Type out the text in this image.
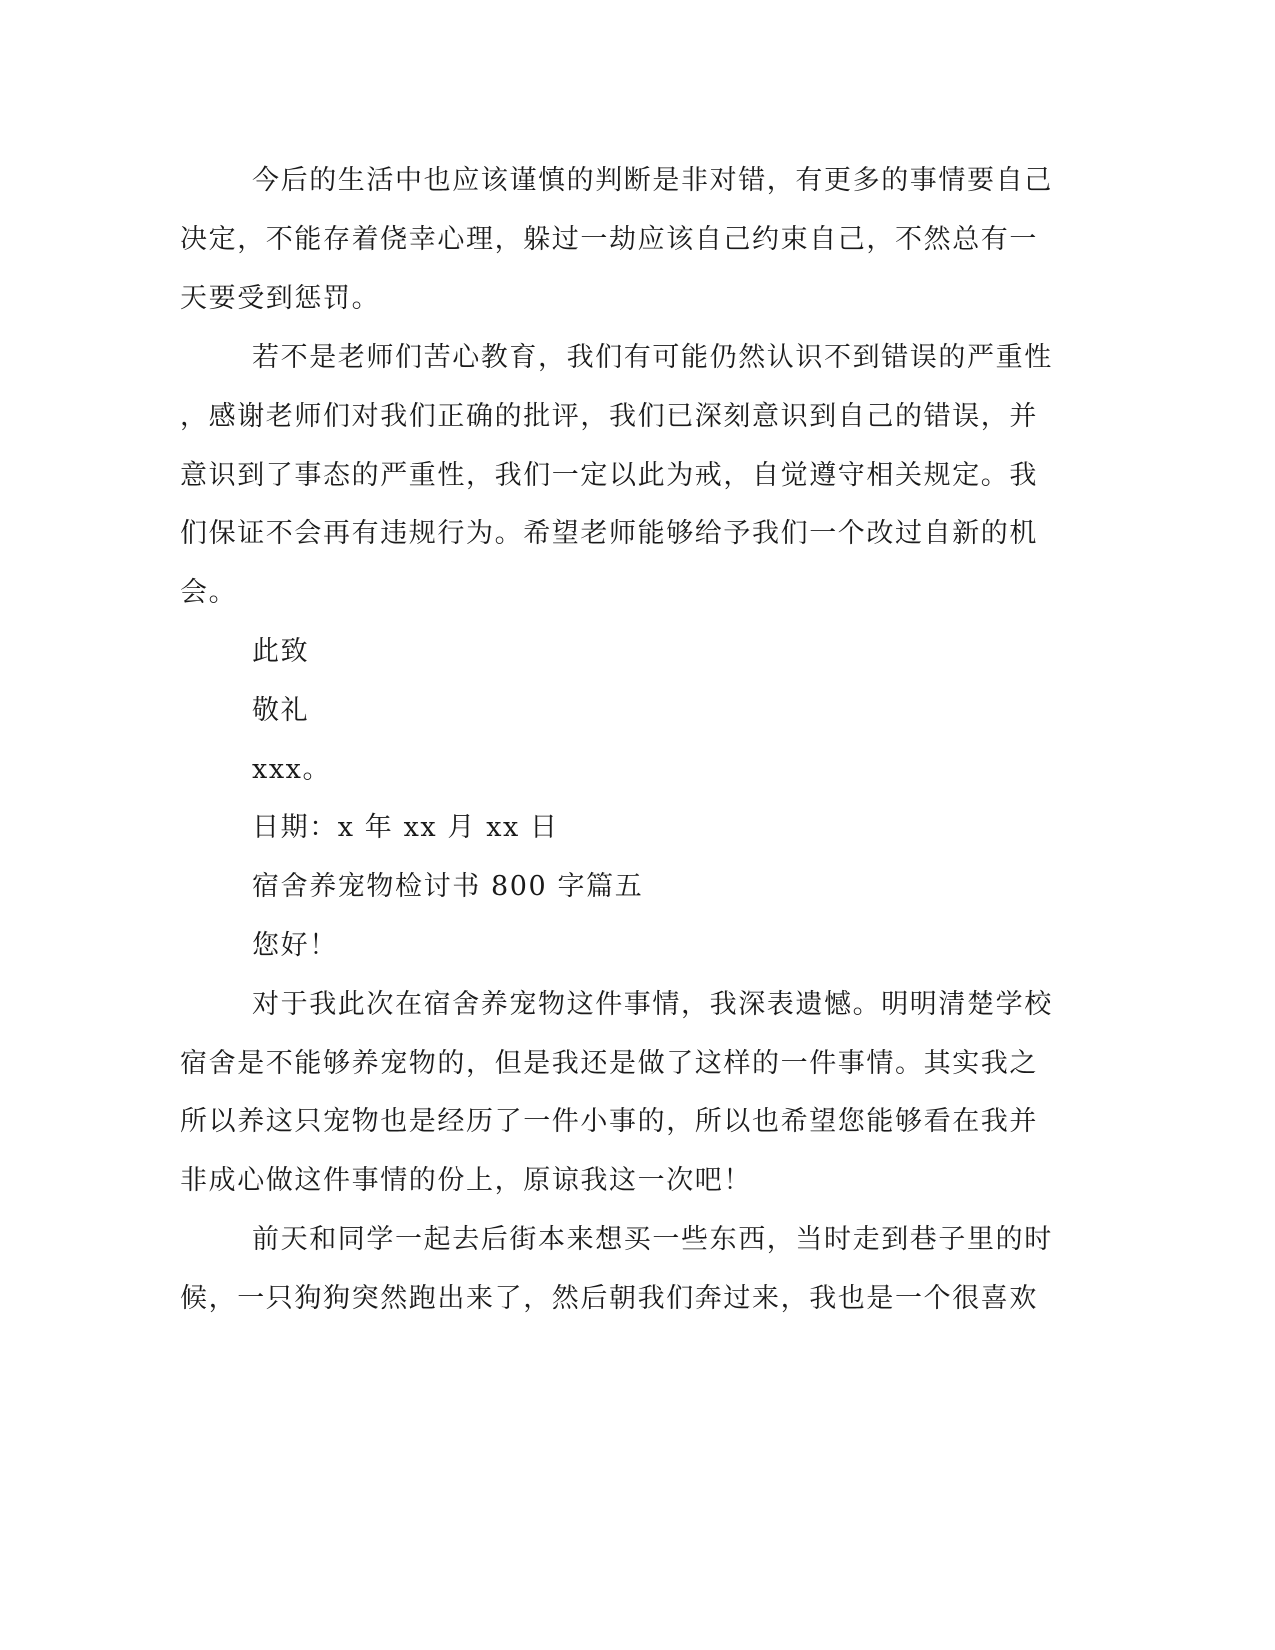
今后的生活中也应该谨慎的判断是非对错，有更多的事情要自己
决定，不能存着侥幸心理，躲过一劫应该自己约束自己，不然总有一
天要受到惩罚。
若不是老师们苦心教育，我们有可能仍然认识不到错误的严重性
，感谢老师们对我们正确的批评，我们已深刻意识到自己的错误，并
意识到了事态的严重性，我们一定以此为戒，自觉遵守相关规定。我
们保证不会再有违规行为。希望老师能够给予我们一个改过自新的机
会。
此致
敬礼
xxx。
日期：x 年 xx 月 xx 日
宿舍养宠物检讨书 800 字篇五
您好！
对于我此次在宿舍养宠物这件事情，我深表遗憾。明明清楚学校
宿舍是不能够养宠物的，但是我还是做了这样的一件事情。其实我之
所以养这只宠物也是经历了一件小事的，所以也希望您能够看在我并
非成心做这件事情的份上，原谅我这一次吧！
前天和同学一起去后街本来想买一些东西，当时走到巷子里的时
候，一只狗狗突然跑出来了，然后朝我们奔过来，我也是一个很喜欢
